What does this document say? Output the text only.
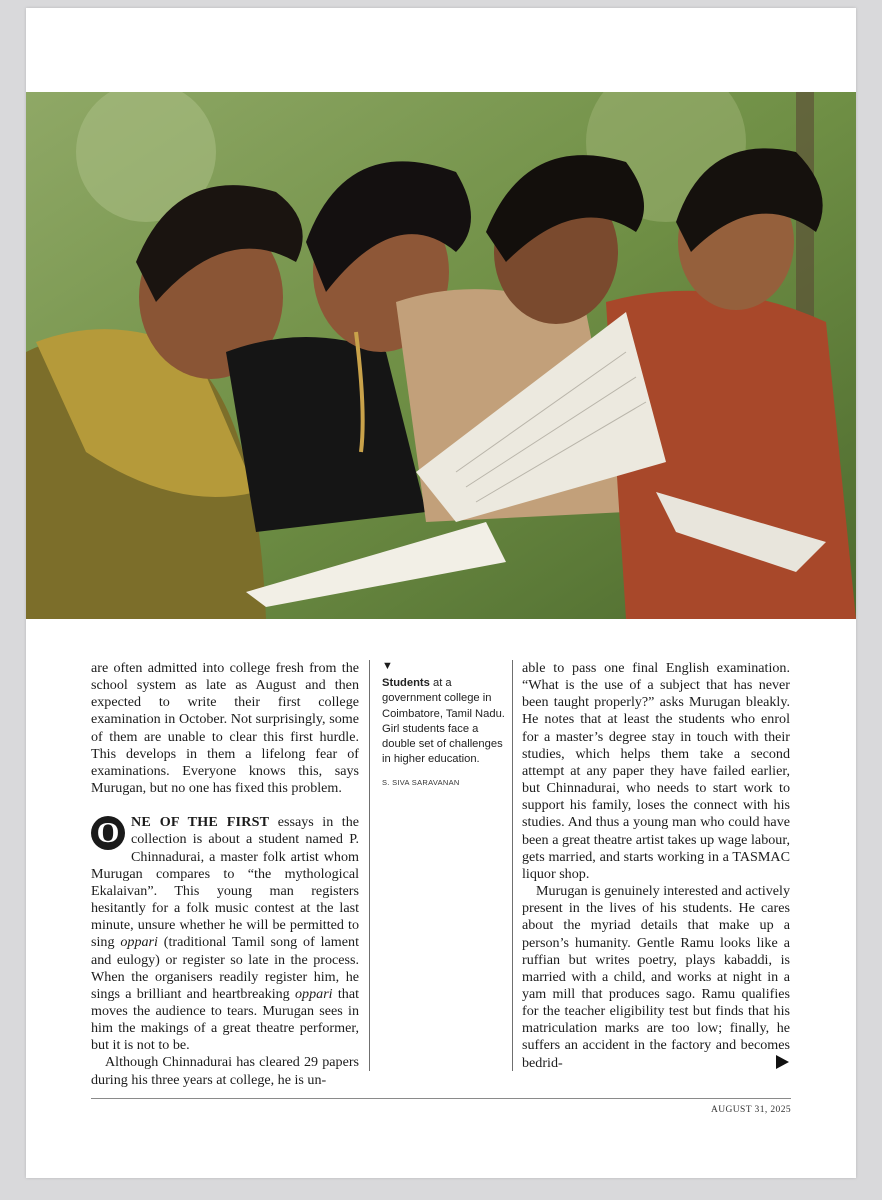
are often admitted into college fresh from the school system as late as August and then expected to write their first college examination in October. Not surprisingly, some of them are unable to clear this first hurdle. This develops in them a lifelong fear of examinations. Everyone knows this, says Murugan, but no one has fixed this problem.

O NE OF THE FIRST essays in the collection is about a student named P. Chinnadurai, a master folk artist whom Murugan compares to “the mythological Ekalaivan”. This young man registers hesitantly for a folk music contest at the last minute, unsure whether he will be permitted to sing oppari (traditional Tamil song of lament and eulogy) or register so late in the process. When the organisers readily register him, he sings a brilliant and heartbreaking oppari that moves the audience to tears. Murugan sees in him the makings of a great theatre performer, but it is not to be.

Although Chinnadurai has cleared 29 papers during his three years at college, he is un-

▼
Students at a government college in Coimbatore, Tamil Nadu. Girl students face a double set of challenges in higher education.
S. SIVA SARAVANAN

able to pass one final English examination. “What is the use of a subject that has never been taught properly?” asks Murugan bleakly. He notes that at least the students who enrol for a master’s degree stay in touch with their studies, which helps them take a second attempt at any paper they have failed earlier, but Chinnadurai, who needs to start work to support his family, loses the connect with his studies. And thus a young man who could have been a great theatre artist takes up wage labour, gets married, and starts working in a TASMAC liquor shop.

Murugan is genuinely interested and actively present in the lives of his students. He cares about the myriad details that make up a person’s humanity. Gentle Ramu looks like a ruffian but writes poetry, plays kabaddi, is married with a child, and works at night in a yam mill that produces sago. Ramu qualifies for the teacher eligibility test but finds that his matriculation marks are too low; finally, he suffers an accident in the factory and becomes bedrid-

AUGUST 31, 2025
